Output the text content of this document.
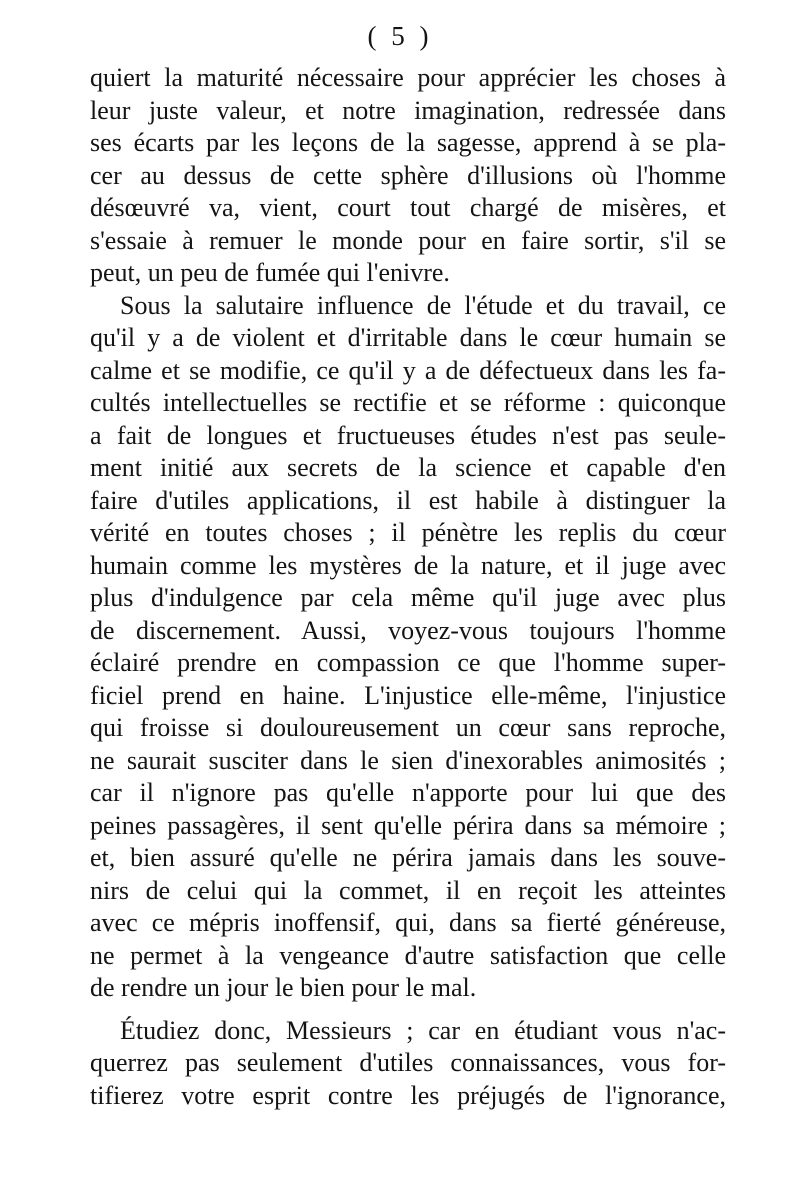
( 5 )
quiert la maturité nécessaire pour apprécier les choses à
leur juste valeur, et notre imagination, redressée dans
ses écarts par les leçons de la sagesse, apprend à se pla-
cer au dessus de cette sphère d'illusions où l'homme
désœuvré va, vient, court tout chargé de misères, et
s'essaie à remuer le monde pour en faire sortir, s'il se
peut, un peu de fumée qui l'enivre.
Sous la salutaire influence de l'étude et du travail, ce
qu'il y a de violent et d'irritable dans le cœur humain se
calme et se modifie, ce qu'il y a de défectueux dans les fa-
cultés intellectuelles se rectifie et se réforme : quiconque
a fait de longues et fructueuses études n'est pas seule-
ment initié aux secrets de la science et capable d'en
faire d'utiles applications, il est habile à distinguer la
vérité en toutes choses ; il pénètre les replis du cœur
humain comme les mystères de la nature, et il juge avec
plus d'indulgence par cela même qu'il juge avec plus
de discernement. Aussi, voyez-vous toujours l'homme
éclairé prendre en compassion ce que l'homme super-
ficiel prend en haine. L'injustice elle-même, l'injustice
qui froisse si douloureusement un cœur sans reproche,
ne saurait susciter dans le sien d'inexorables animosités ;
car il n'ignore pas qu'elle n'apporte pour lui que des
peines passagères, il sent qu'elle périra dans sa mémoire ;
et, bien assuré qu'elle ne périra jamais dans les souve-
nirs de celui qui la commet, il en reçoit les atteintes
avec ce mépris inoffensif, qui, dans sa fierté généreuse,
ne permet à la vengeance d'autre satisfaction que celle
de rendre un jour le bien pour le mal.
Étudiez donc, Messieurs ; car en étudiant vous n'ac-
querrez pas seulement d'utiles connaissances, vous for-
tifierez votre esprit contre les préjugés de l'ignorance,
